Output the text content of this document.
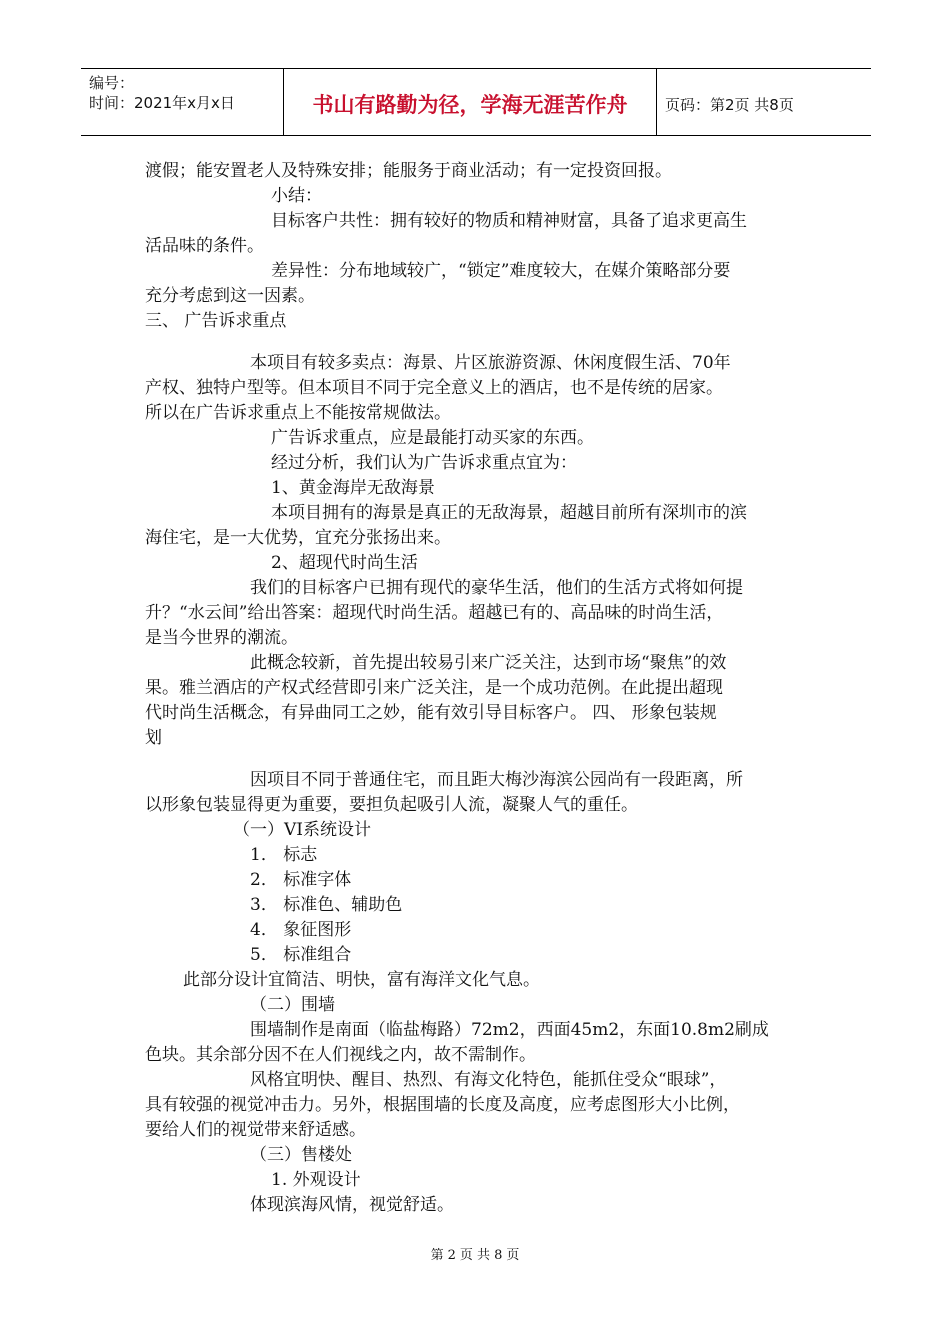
编号：
时间：2021年x月x日	书山有路勤为径，学海无涯苦作舟	页码：第2页 共8页
渡假；能安置老人及特殊安排；能服务于商业活动；有一定投资回报。
小结：
目标客户共性：拥有较好的物质和精神财富，具备了追求更高生
活品味的条件。
差异性：分布地域较广，“锁定”难度较大，在媒介策略部分要
充分考虑到这一因素。
三、 广告诉求重点
本项目有较多卖点：海景、片区旅游资源、休闲度假生活、70年
产权、独特户型等。但本项目不同于完全意义上的酒店，也不是传统的居家。
所以在广告诉求重点上不能按常规做法。
广告诉求重点，应是最能打动买家的东西。
经过分析，我们认为广告诉求重点宜为：
1、黄金海岸无敌海景
本项目拥有的海景是真正的无敌海景，超越目前所有深圳市的滨
海住宅，是一大优势，宜充分张扬出来。
2、超现代时尚生活
我们的目标客户已拥有现代的豪华生活，他们的生活方式将如何提
升？“水云间”给出答案：超现代时尚生活。超越已有的、高品味的时尚生活，
是当今世界的潮流。
此概念较新，首先提出较易引来广泛关注，达到市场“聚焦”的效
果。雅兰酒店的产权式经营即引来广泛关注，是一个成功范例。在此提出超现
代时尚生活概念，有异曲同工之妙，能有效引导目标客户。 四、 形象包装规
划
因项目不同于普通住宅，而且距大梅沙海滨公园尚有一段距离，所
以形象包装显得更为重要，要担负起吸引人流，凝聚人气的重任。
（一）VI系统设计
1． 标志
2． 标准字体
3． 标准色、辅助色
4． 象征图形
5． 标准组合
此部分设计宜简洁、明快，富有海洋文化气息。
（二）围墙
围墙制作是南面（临盐梅路）72m2，西面45m2，东面10.8m2刷成
色块。其余部分因不在人们视线之内，故不需制作。
风格宜明快、醒目、热烈、有海文化特色，能抓住受众“眼球”，
具有较强的视觉冲击力。另外，根据围墙的长度及高度，应考虑图形大小比例，
要给人们的视觉带来舒适感。
（三）售楼处
1. 外观设计
体现滨海风情，视觉舒适。
第 2 页 共 8 页
